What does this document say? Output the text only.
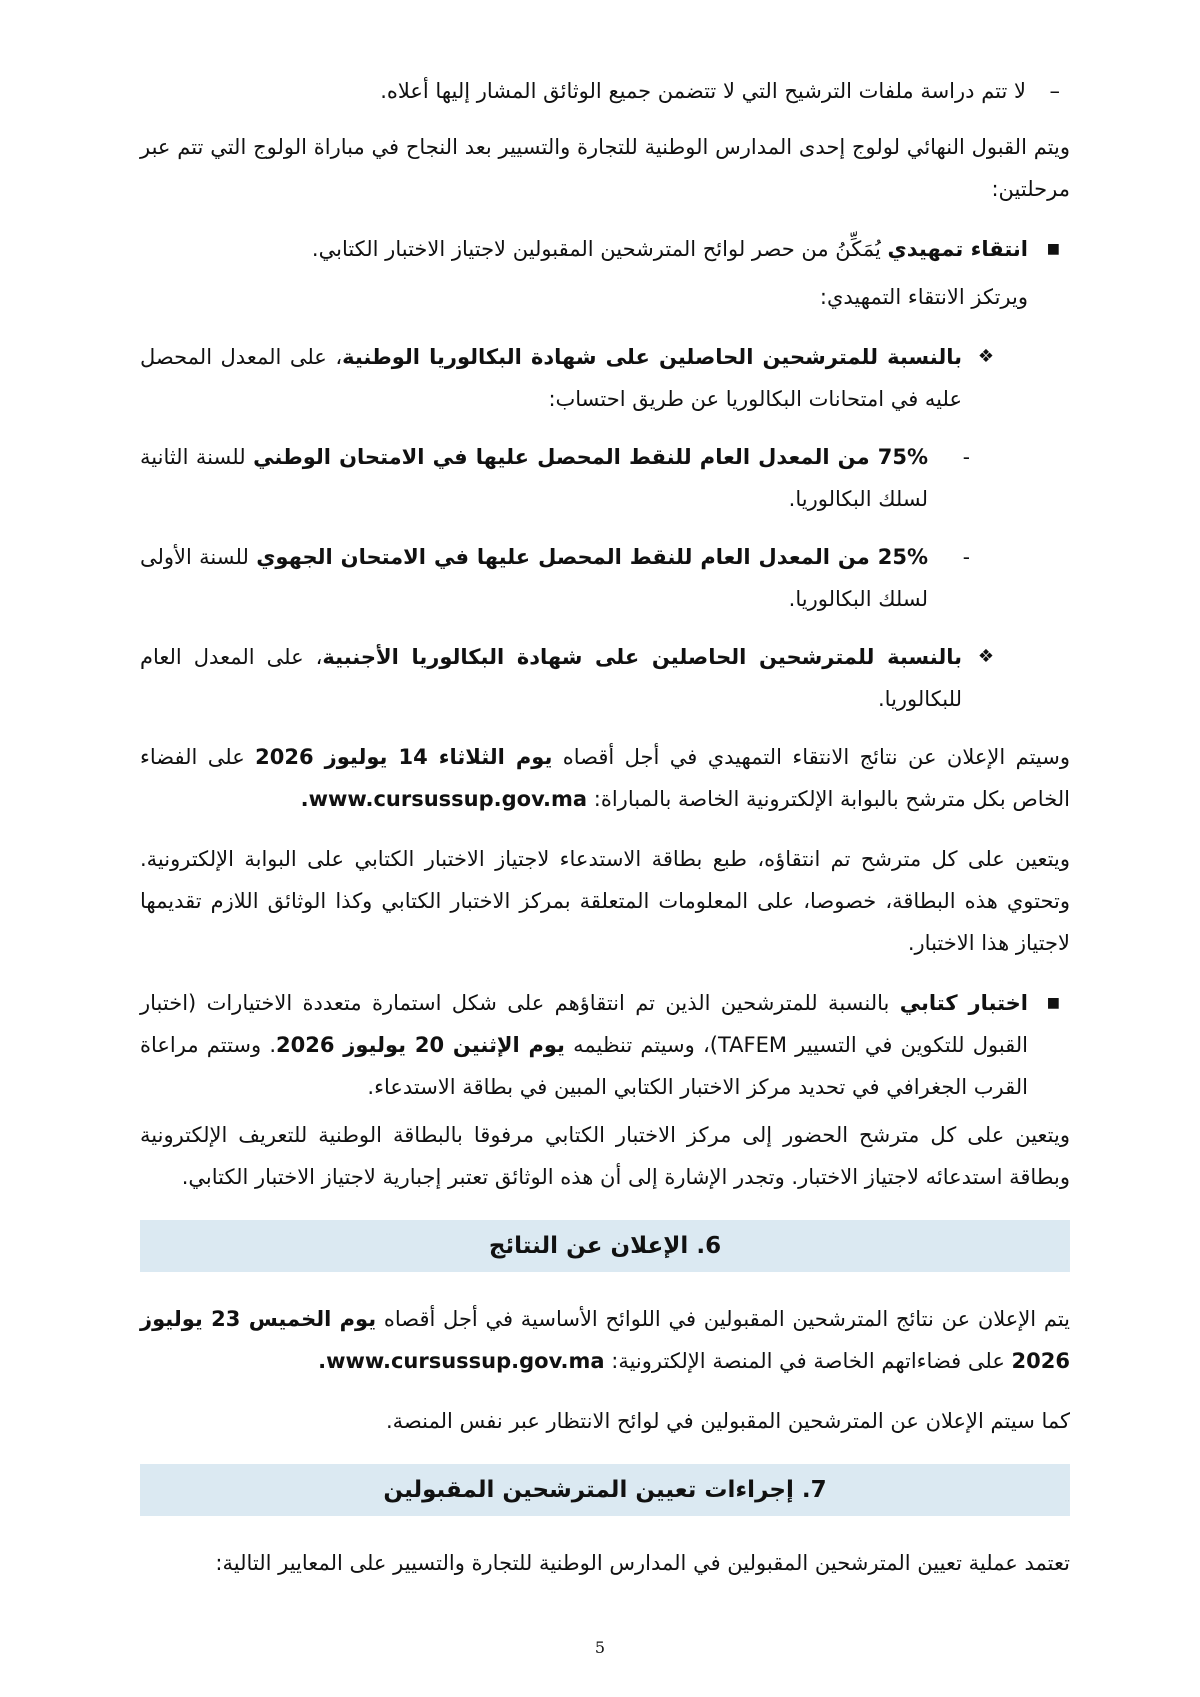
–

لا تتم دراسة ملفات الترشيح التي لا تتضمن جميع الوثائق المشار إليها أعلاه.

ويتم القبول النهائي لولوج إحدى المدارس الوطنية للتجارة والتسيير بعد النجاح في مباراة الولوج التي تتم عبر مرحلتين:

■

انتقاء تمهيدي يُمَكِّنُ من حصر لوائح المترشحين المقبولين لاجتياز الاختبار الكتابي.

ويرتكز الانتقاء التمهيدي:

❖

بالنسبة للمترشحين الحاصلين على شهادة البكالوريا الوطنية، على المعدل المحصل عليه في امتحانات البكالوريا عن طريق احتساب:

-

75% من المعدل العام للنقط المحصل عليها في الامتحان الوطني للسنة الثانية لسلك البكالوريا.

-

25% من المعدل العام للنقط المحصل عليها في الامتحان الجهوي للسنة الأولى لسلك البكالوريا.

❖

بالنسبة للمترشحين الحاصلين على شهادة البكالوريا الأجنبية، على المعدل العام للبكالوريا.

وسيتم الإعلان عن نتائج الانتقاء التمهيدي في أجل أقصاه يوم الثلاثاء 14 يوليوز 2026 على الفضاء الخاص بكل مترشح بالبوابة الإلكترونية الخاصة بالمباراة: www.cursussup.gov.ma.

ويتعين على كل مترشح تم انتقاؤه، طبع بطاقة الاستدعاء لاجتياز الاختبار الكتابي على البوابة الإلكترونية. وتحتوي هذه البطاقة، خصوصا، على المعلومات المتعلقة بمركز الاختبار الكتابي وكذا الوثائق اللازم تقديمها لاجتياز هذا الاختبار.

■

اختبار كتابي بالنسبة للمترشحين الذين تم انتقاؤهم على شكل استمارة متعددة الاختيارات (اختبار القبول للتكوين في التسيير TAFEM)، وسيتم تنظيمه يوم الإثنين 20 يوليوز 2026. وستتم مراعاة القرب الجغرافي في تحديد مركز الاختبار الكتابي المبين في بطاقة الاستدعاء.

ويتعين على كل مترشح الحضور إلى مركز الاختبار الكتابي مرفوقا بالبطاقة الوطنية للتعريف الإلكترونية وبطاقة استدعائه لاجتياز الاختبار. وتجدر الإشارة إلى أن هذه الوثائق تعتبر إجبارية لاجتياز الاختبار الكتابي.

6. الإعلان عن النتائج

يتم الإعلان عن نتائج المترشحين المقبولين في اللوائح الأساسية في أجل أقصاه يوم الخميس 23 يوليوز 2026 على فضاءاتهم الخاصة في المنصة الإلكترونية: www.cursussup.gov.ma.

كما سيتم الإعلان عن المترشحين المقبولين في لوائح الانتظار عبر نفس المنصة.

7. إجراءات تعيين المترشحين المقبولين

تعتمد عملية تعيين المترشحين المقبولين في المدارس الوطنية للتجارة والتسيير على المعايير التالية:

5
